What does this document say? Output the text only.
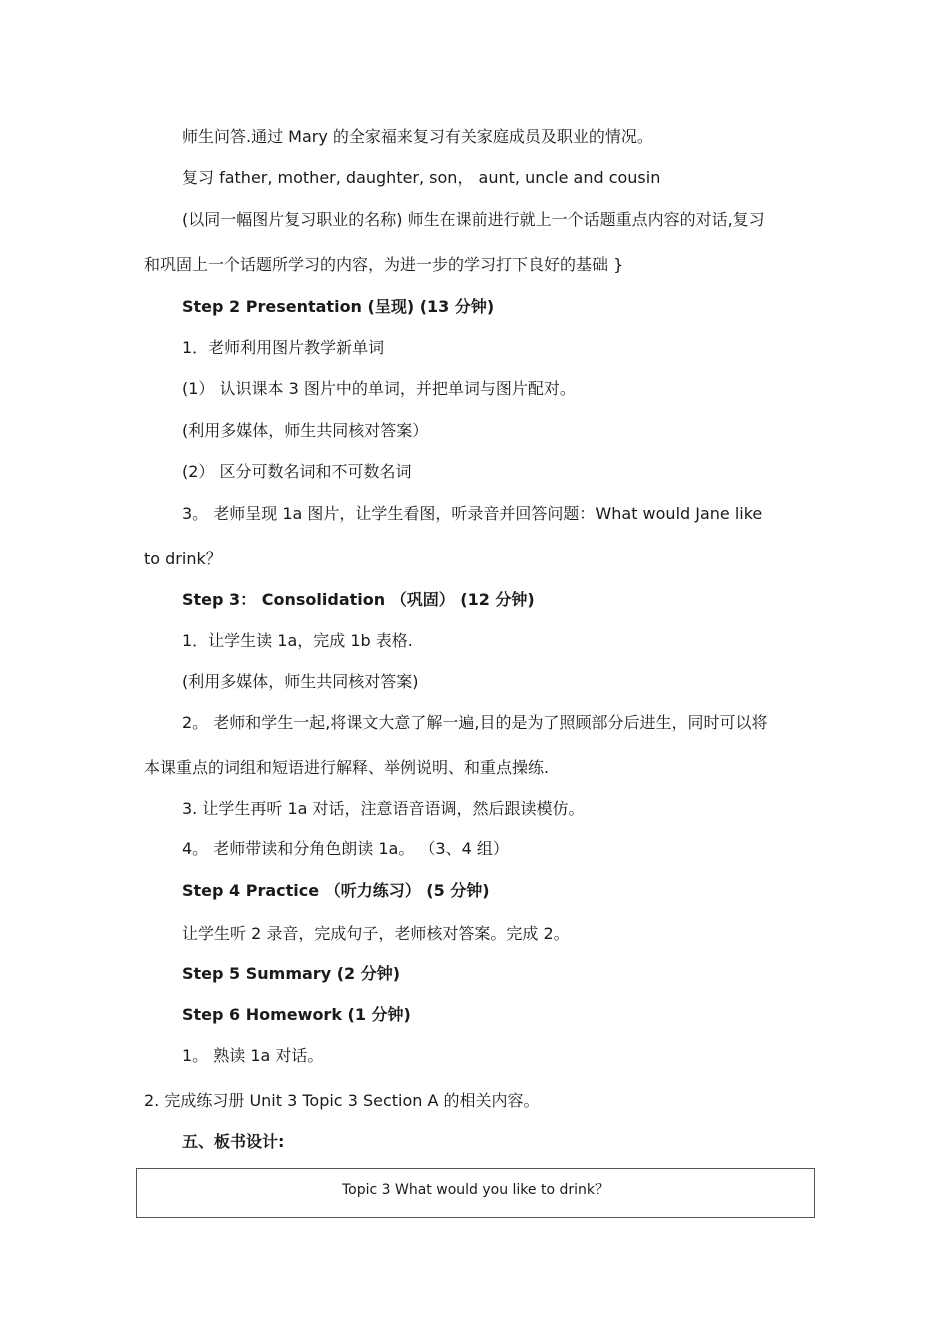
师生问答.通过 Mary 的全家福来复习有关家庭成员及职业的情况。

复习 father, mother, daughter, son， aunt, uncle and cousin

(以同一幅图片复习职业的名称) 师生在课前进行就上一个话题重点内容的对话,复习

和巩固上一个话题所学习的内容，为进一步的学习打下良好的基础 }

Step 2 Presentation (呈现) (13 分钟)

1．老师利用图片教学新单词

(1） 认识课本 3 图片中的单词，并把单词与图片配对。

(利用多媒体，师生共同核对答案）

(2） 区分可数名词和不可数名词

3。 老师呈现 1a 图片，让学生看图，听录音并回答问题：What would Jane like

to drink？

Step 3： Consolidation （巩固） (12 分钟)

1．让学生读 1a，完成 1b 表格.

(利用多媒体，师生共同核对答案)

2。 老师和学生一起,将课文大意了解一遍,目的是为了照顾部分后进生，同时可以将

本课重点的词组和短语进行解释、举例说明、和重点操练.

3. 让学生再听 1a 对话，注意语音语调，然后跟读模仿。

4。 老师带读和分角色朗读 1a。 （3、4 组）

Step 4 Practice （听力练习） (5 分钟)

让学生听 2 录音，完成句子，老师核对答案。完成 2。

Step 5 Summary (2 分钟)

Step 6 Homework (1 分钟)

1。 熟读 1a 对话。

2. 完成练习册 Unit 3 Topic 3 Section A 的相关内容。

五、板书设计:

Topic 3 What would you like to drink？
